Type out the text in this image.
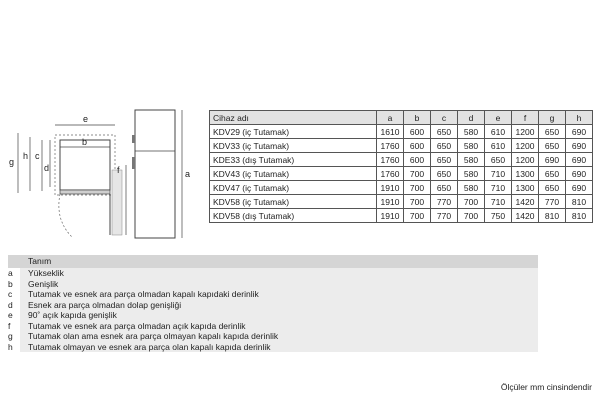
e
b
g
h c
d	f	a
Cihaz adı	a	b	c	d	e	f	g	h
KDV29 (iç Tutamak)	1610	600	650	580	610	1200	650	690
KDV33 (iç Tutamak)	1760	600	650	580	610	1200	650	690
KDE33 (dış Tutamak)	1760	600	650	580	650	1200	690	690
KDV43 (iç Tutamak)	1760	700	650	580	710	1300	650	690
KDV47 (iç Tutamak)	1910	700	650	580	710	1300	650	690
KDV58 (iç Tutamak)	1910	700	770	700	710	1420	770	810
KDV58 (dış Tutamak)	1910	700	770	700	750	1420	810	810
Tanım
a	Yükseklik
b	Genişlik
c	Tutamak ve esnek ara parça olmadan kapalı kapıdaki derinlik
d	Esnek ara parça olmadan dolap genişliği
e	90˚ açık kapıda genişlik
f	Tutamak ve esnek ara parça olmadan açık kapıda derinlik
g	Tutamak olan ama esnek ara parça olmayan kapalı kapıda derinlik
h	Tutamak olmayan ve esnek ara parça olan kapalı kapıda derinlik
Ölçüler mm cinsindendir
